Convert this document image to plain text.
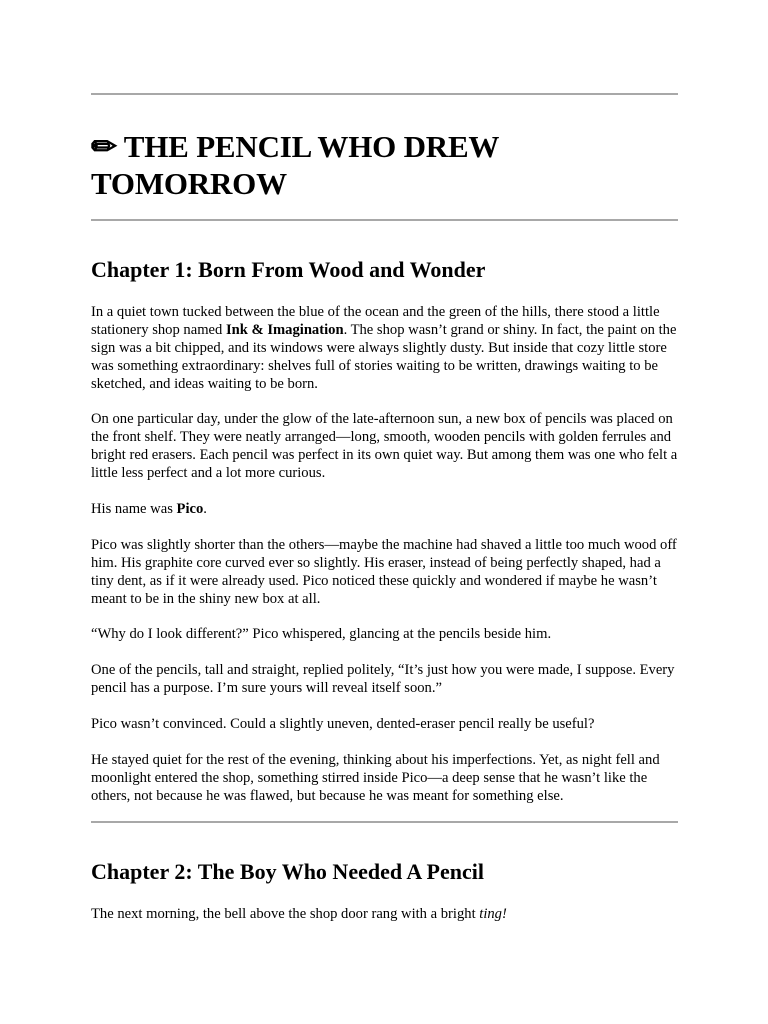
✏ THE PENCIL WHO DREW TOMORROW
Chapter 1: Born From Wood and Wonder

In a quiet town tucked between the blue of the ocean and the green of the hills, there stood a little stationery shop named Ink & Imagination. The shop wasn’t grand or shiny. In fact, the paint on the sign was a bit chipped, and its windows were always slightly dusty. But inside that cozy little store was something extraordinary: shelves full of stories waiting to be written, drawings waiting to be sketched, and ideas waiting to be born.

On one particular day, under the glow of the late-afternoon sun, a new box of pencils was placed on the front shelf. They were neatly arranged—long, smooth, wooden pencils with golden ferrules and bright red erasers. Each pencil was perfect in its own quiet way. But among them was one who felt a little less perfect and a lot more curious.

His name was Pico.

Pico was slightly shorter than the others—maybe the machine had shaved a little too much wood off him. His graphite core curved ever so slightly. His eraser, instead of being perfectly shaped, had a tiny dent, as if it were already used. Pico noticed these quickly and wondered if maybe he wasn’t meant to be in the shiny new box at all.

“Why do I look different?” Pico whispered, glancing at the pencils beside him.

One of the pencils, tall and straight, replied politely, “It’s just how you were made, I suppose. Every pencil has a purpose. I’m sure yours will reveal itself soon.”

Pico wasn’t convinced. Could a slightly uneven, dented-eraser pencil really be useful?

He stayed quiet for the rest of the evening, thinking about his imperfections. Yet, as night fell and moonlight entered the shop, something stirred inside Pico—a deep sense that he wasn’t like the others, not because he was flawed, but because he was meant for something else.

Chapter 2: The Boy Who Needed A Pencil

The next morning, the bell above the shop door rang with a bright ting!
